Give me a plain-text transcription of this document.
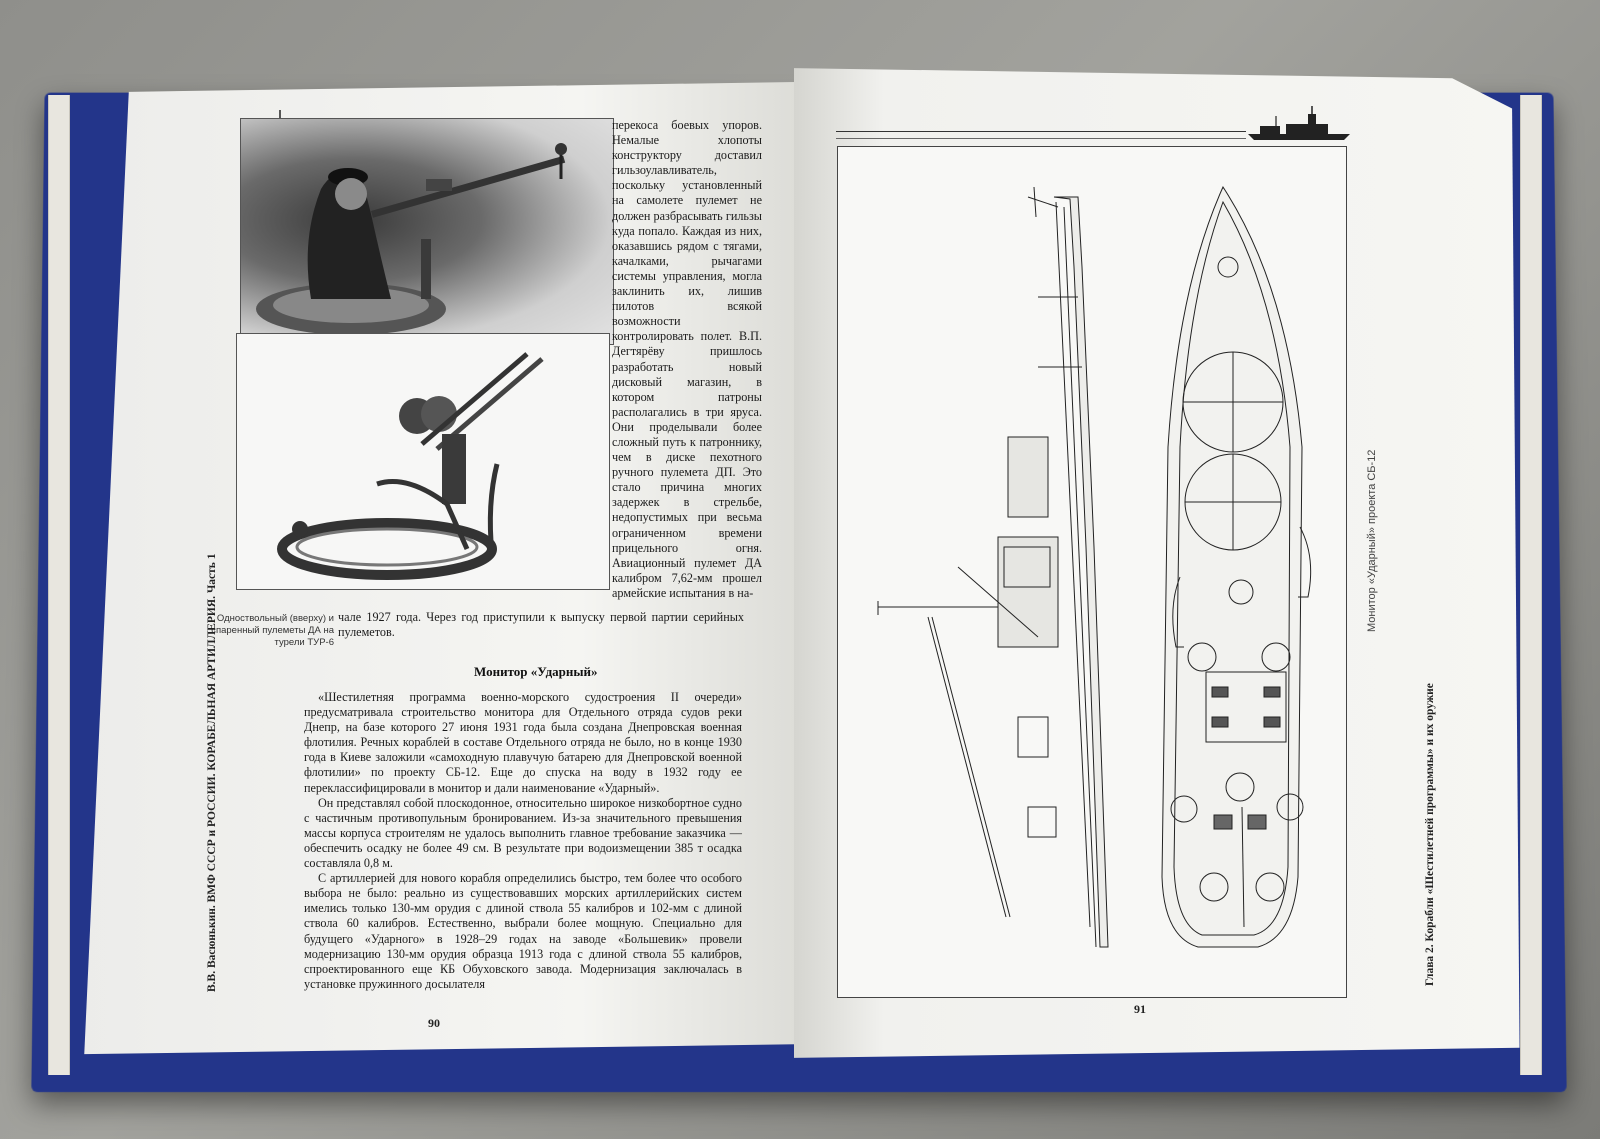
перекоса боевых упоров. Немалые хлопоты конструктору доставил гильзоулавливатель, поскольку установленный на самолете пулемет не должен разбрасывать гильзы куда попало. Каждая из них, оказавшись рядом с тягами, качалками, рычагами системы управления, могла заклинить их, лишив пилотов всякой возможности контролировать полет. В.П. Дегтярёву пришлось разработать новый дисковый магазин, в котором патроны располагались в три яруса. Они проделывали более сложный путь к патроннику, чем в диске пехотного ручного пулемета ДП. Это стало причина многих задержек в стрельбе, недопустимых при весьма ограниченном времени прицельного огня. Авиационный пулемет ДА калибром 7,62-мм прошел армейские испытания в на-
Одноствольный (вверху) и спаренный пулеметы ДА на турели ТУР-6
чале 1927 года. Через год приступили к выпуску первой партии серийных пулеметов.
Монитор «Ударный»

«Шестилетняя программа военно-морского судостроения II очереди» предусматривала строительство монитора для Отдельного отряда судов реки Днепр, на базе которого 27 июня 1931 года была создана Днепровская военная флотилия. Речных кораблей в составе Отдельного отряда не было, но в конце 1930 года в Киеве заложили «самоходную плавучую батарею для Днепровской военной флотилии» по проекту СБ-12. Еще до спуска на воду в 1932 году ее переклассифицировали в монитор и дали наименование «Ударный».

Он представлял собой плоскодонное, относительно широкое низкобортное судно с частичным противопульным бронированием. Из-за значительного превышения массы корпуса строителям не удалось выполнить главное требование заказчика — обеспечить осадку не более 49 см. В результате при водоизмещении 385 т осадка составляла 0,8 м.

С артиллерией для нового корабля определились быстро, тем более что особого выбора не было: реально из существовавших морских артиллерийских систем имелись только 130-мм орудия с длиной ствола 55 калибров и 102-мм с длиной ствола 60 калибров. Естественно, выбрали более мощную. Специально для будущего «Ударного» в 1928–29 годах на заводе «Большевик» провели модернизацию 130-мм орудия образца 1913 года с длиной ствола 55 калибров, спроектированного еще КБ Обуховского завода. Модернизация заключалась в установке пружинного досылателя

В.В. Васюнькин. ВМФ СССР и РОССИИ. КОРАБЕЛЬНАЯ АРТИЛЛЕРИЯ. Часть 1
90
Монитор «Ударный» проекта СБ-12
Глава 2. Корабли «Шестилетней программы» и их оружие
91
